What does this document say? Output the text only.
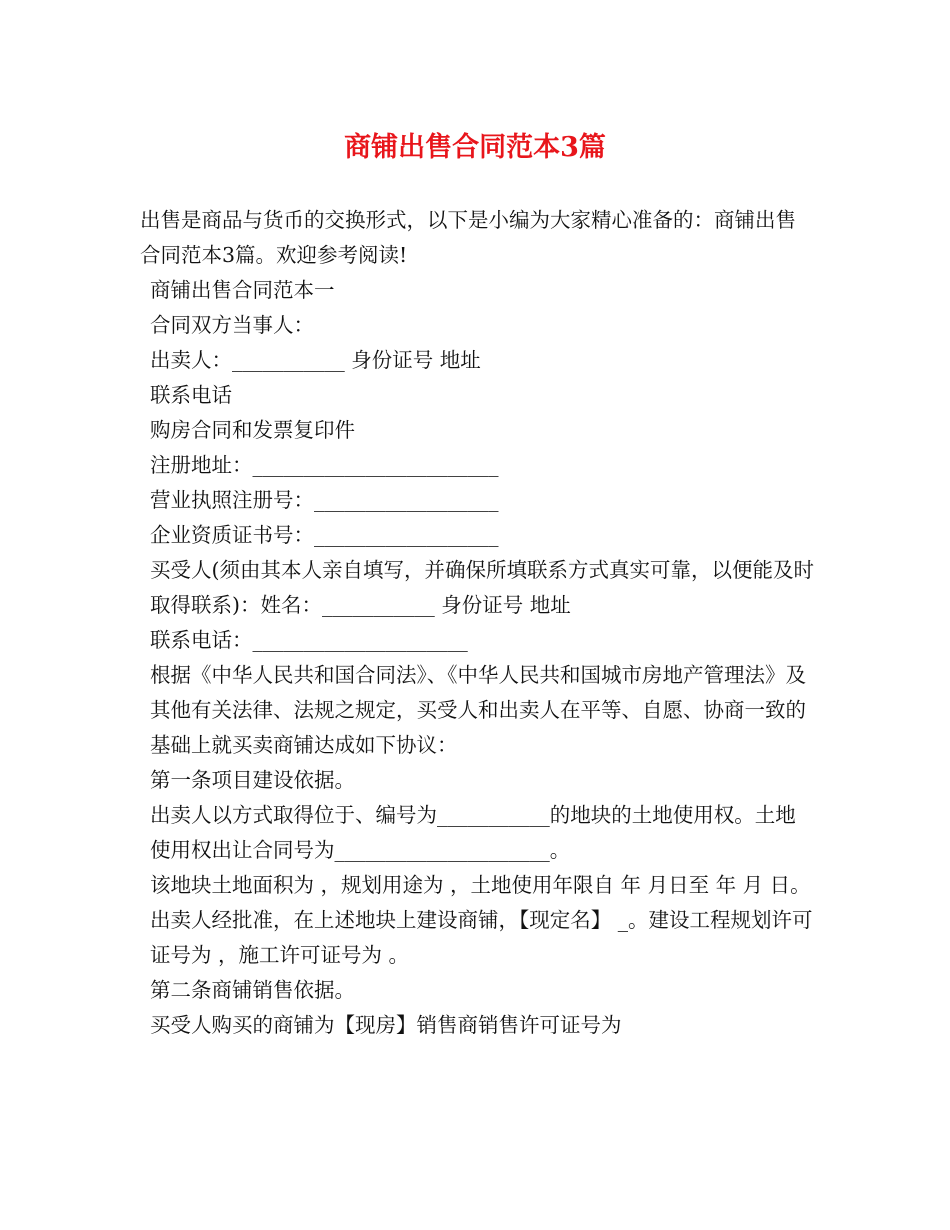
商铺出售合同范本3篇

出售是商品与货币的交换形式，以下是小编为大家精心准备的：商铺出售合同范本3篇。欢迎参考阅读!

商铺出售合同范本一

合同双方当事人：

出卖人：___________ 身份证号 地址

联系电话

购房合同和发票复印件

注册地址：________________________

营业执照注册号：__________________

企业资质证书号：__________________

买受人(须由其本人亲自填写，并确保所填联系方式真实可靠，以便能及时取得联系)：姓名：___________ 身份证号 地址

联系电话：_____________________

根据《中华人民共和国合同法》、《中华人民共和国城市房地产管理法》及其他有关法律、法规之规定，买受人和出卖人在平等、自愿、协商一致的基础上就买卖商铺达成如下协议：

第一条项目建设依据。

出卖人以方式取得位于、编号为___________的地块的土地使用权。土地使用权出让合同号为_____________________。

该地块土地面积为 ，规划用途为 ，土地使用年限自 年 月日至 年 月 日。

出卖人经批准，在上述地块上建设商铺，【现定名】 _。建设工程规划许可证号为 ，施工许可证号为 。

第二条商铺销售依据。

买受人购买的商铺为【现房】销售商销售许可证号为
